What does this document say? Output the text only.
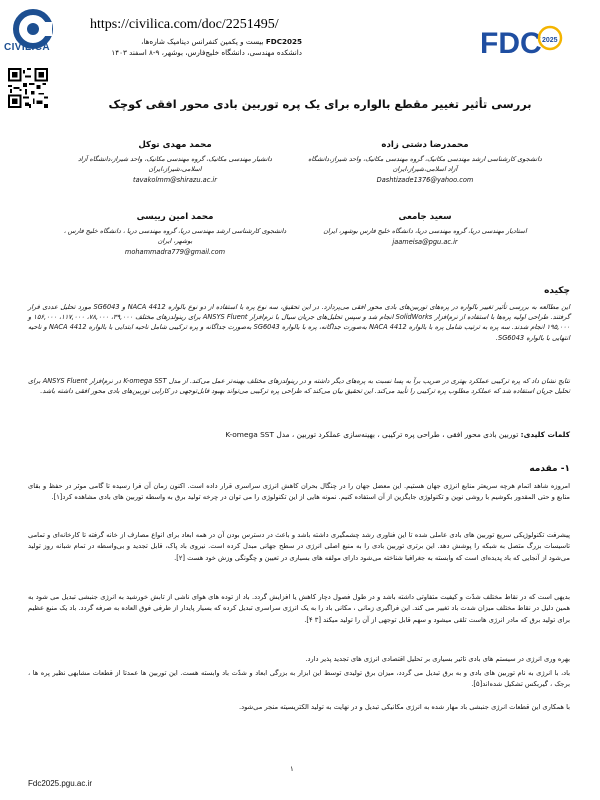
CIVILICA
https://civilica.com/doc/2251495/
FDC2025 بیست و یکمین کنفرانس دینامیک شاره‌ها،
دانشکده مهندسی، دانشگاه خلیج‌فارس، بوشهر، ۹-۸ اسفند ۱۴۰۳	FDC 2025
بررسی تأثیر تغییر مقطع بالواره برای یک پره توربین بادی محور افقی کوچک
محمدرضا دشتی زاده
دانشجوی کارشناسی ارشد مهندسی مکانیک، گروه مهندسی مکانیک، واحد شیراز،دانشگاه آزاد اسلامی،شیراز،ایران
Dashtizade1376@yahoo.com
محمد مهدی توکل
دانشیار مهندسی مکانیک، گروه مهندسی مکانیک، واحد شیراز،دانشگاه آزاد اسلامی،شیراز،ایران
tavakolmm@shirazu.ac.ir
سعید جامعی
استادیار مهندسی دریا، گروه مهندسی دریا، دانشگاه خلیج فارس بوشهر، ایران
jaameisa@pgu.ac.ir
محمد امین رییسی
دانشجوی کارشناسی ارشد مهندسی دریا، گروه مهندسی دریا ، دانشگاه خلیج فارس ، بوشهر، ایران
mohammadra779@gmail.com
چکیده
این مطالعه به بررسی تأثیر تغییر بالواره در پره‌های توربین‌های بادی محور افقی می‌پردازد. در این تحقیق، سه نوع پره با استفاده از دو نوع بالواره NACA 4412 و SG6043 مورد تحلیل عددی قرار گرفتند. طراحی اولیه پره‌ها با استفاده از نرم‌افزار SolidWorks انجام شد و سپس تحلیل‌های جریان سیال با نرم‌افزار ANSYS Fluent برای رینولدزهای مختلف ۳۹,۰۰۰، ۷۸,۰۰۰، ۱۱۷,۰۰۰، ۱۵۶,۰۰۰ و ۱۹۵,۰۰۰ انجام شدند. سه پره به ترتیب شامل پره با بالواره NACA 4412 به‌صورت جداگانه، پره با بالواره SG6043 به‌صورت جداگانه و پره ترکیبی شامل ناحیه ابتدایی با بالواره NACA 4412 و ناحیه انتهایی با بالواره SG6043.
نتایج نشان داد که پره ترکیبی عملکرد بهتری در ضریب برآ به پسا نسبت به پره‌های دیگر داشته و در رینولدزهای مختلف بهینه‌تر عمل می‌کند. از مدل K-omega SST در نرم‌افزار ANSYS Fluent برای تحلیل جریان استفاده شد که عملکرد مطلوب پره ترکیبی را تأیید می‌کند. این تحقیق بیان می‌کند که طراحی پره ترکیبی می‌تواند بهبود قابل‌توجهی در کارایی توربین‌های بادی محور افقی داشته باشد.
کلمات کلیدی: توربین بادی محور افقی ، طراحی پره ترکیبی ، بهینه‌سازی عملکرد توربین ، مدل K-omega SST
۱- مقدمه
امروزه شاهد اتمام هرچه سریعتر منابع انرژی جهان هستیم. این معضل جهان را در چنگال بحران کاهش انرژی سراسری قرار داده است. اکنون زمان آن فرا رسیده تا گامی موثر در حفظ و بقای منابع و حتی المقدور بکوشیم با روشی نوین و تکنولوژی جایگزین از آن استفاده کنیم. نمونه هایی از این تکنولوژی را می توان در چرخه تولید برق به واسطه توربین های بادی مشاهده کرد[۱].
پیشرفت تکنولوژیکی سریع توربین های بادی عاملی شده تا این فناوری رشد چشمگیری داشته باشد و باعث در دسترس بودن آن در همه ابعاد برای انواع مصارف از خانه گرفته تا کارخانه‌ای و تمامی تاسیسات بزرگ متصل به شبکه را پوشش دهد. این برتری توربین بادی را به منبع اصلی انرژی در سطح جهانی مبدل کرده است. نیروی باد پاک، قابل تجدید و بی‌واسطه در تمام شبانه روز تولید می‌شود از آنجایی که باد پدیده‌ای است که وابسته به جغرافیا شناخته می‌شود دارای مولفه های بسیاری در تعیین و چگونگی وزش خود هست [۲].
بدیهی است که در نقاط مختلف شدّت و کیفیت متفاوتی داشته باشد و در طول فصول دچار کاهش یا افزایش گردد. باد از توده های هوای ناشی از تابش خورشید به انرژی جنبشی تبدیل می شود به همین دلیل در نقاط مختلف میزان شدت باد تغییر می کند. این فراگیری زمانی ، مکانی باد را به یک انرژی سراسری تبدیل کرده که بسیار پایدار از طرفی فوق العاده به صرفه گردد. باد یک منبع عظیم برای تولید برق که مادر انرژی هاست تلقی میشود و سهم قابل توجهی از آن را تولید میکند [۳ ۴].
بهره وری انرژی در سیستم های بادی تاثیر بسیاری بر تحلیل اقتصادی انرژی های تجدید پذیر دارد.
باد، با انرژی به نام توربین های بادی و به برق تبدیل می گردد، میزان برق تولیدی توسط این ابزار به بزرگی ابعاد و شدّت باد وابسته هست. این توربین ها عمدتا از قطعات مشابهی نظیر پره ها ، برجک ، گیربکس تشکیل شده‌اند[۵].
با همکاری این قطعات انرژی جنبشی باد مهار شده به انرژی مکانیکی تبدیل و در نهایت به تولید الکتریسیته منجر می‌شود.
۱
Fdc2025.pgu.ac.ir
